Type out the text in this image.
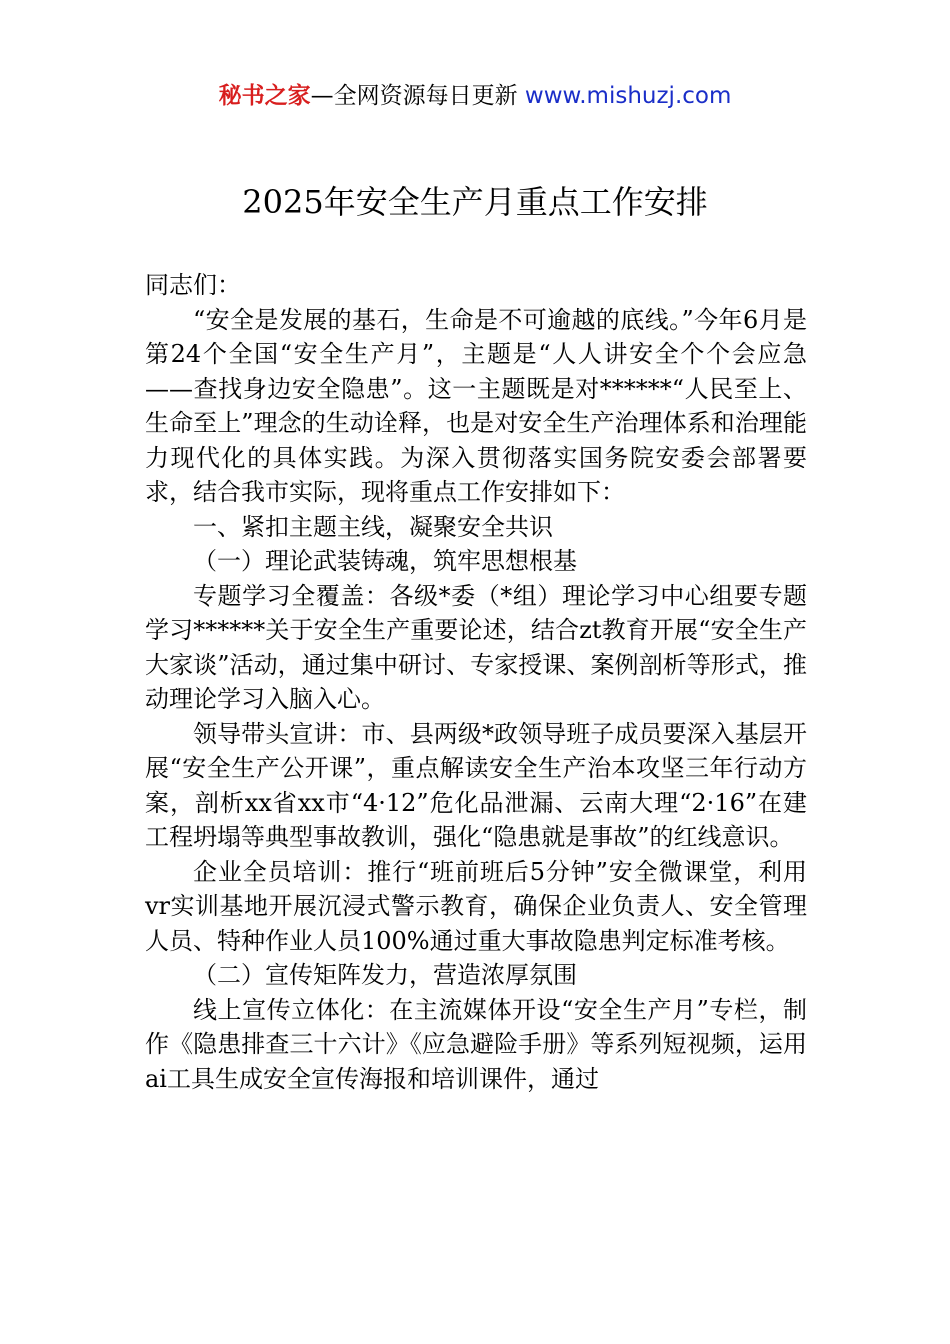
秘书之家—全网资源每日更新 www.mishuzj.com
2025年安全生产月重点工作安排

同志们：

“安全是发展的基石，生命是不可逾越的底线。”今年6月是第24个全国“安全生产月”，主题是“人人讲安全个个会应急——查找身边安全隐患”。这一主题既是对******“人民至上、生命至上”理念的生动诠释，也是对安全生产治理体系和治理能力现代化的具体实践。为深入贯彻落实国务院安委会部署要求，结合我市实际，现将重点工作安排如下：

一、紧扣主题主线，凝聚安全共识

（一）理论武装铸魂，筑牢思想根基

专题学习全覆盖：各级*委（*组）理论学习中心组要专题学习******关于安全生产重要论述，结合zt教育开展“安全生产大家谈”活动，通过集中研讨、专家授课、案例剖析等形式，推动理论学习入脑入心。

领导带头宣讲：市、县两级*政领导班子成员要深入基层开展“安全生产公开课”，重点解读安全生产治本攻坚三年行动方案，剖析xx省xx市“4·12”危化品泄漏、云南大理“2·16”在建工程坍塌等典型事故教训，强化“隐患就是事故”的红线意识。

企业全员培训：推行“班前班后5分钟”安全微课堂，利用vr实训基地开展沉浸式警示教育，确保企业负责人、安全管理人员、特种作业人员100%通过重大事故隐患判定标准考核。

（二）宣传矩阵发力，营造浓厚氛围

线上宣传立体化：在主流媒体开设“安全生产月”专栏，制作《隐患排查三十六计》《应急避险手册》等系列短视频，运用ai工具生成安全宣传海报和培训课件，通过
